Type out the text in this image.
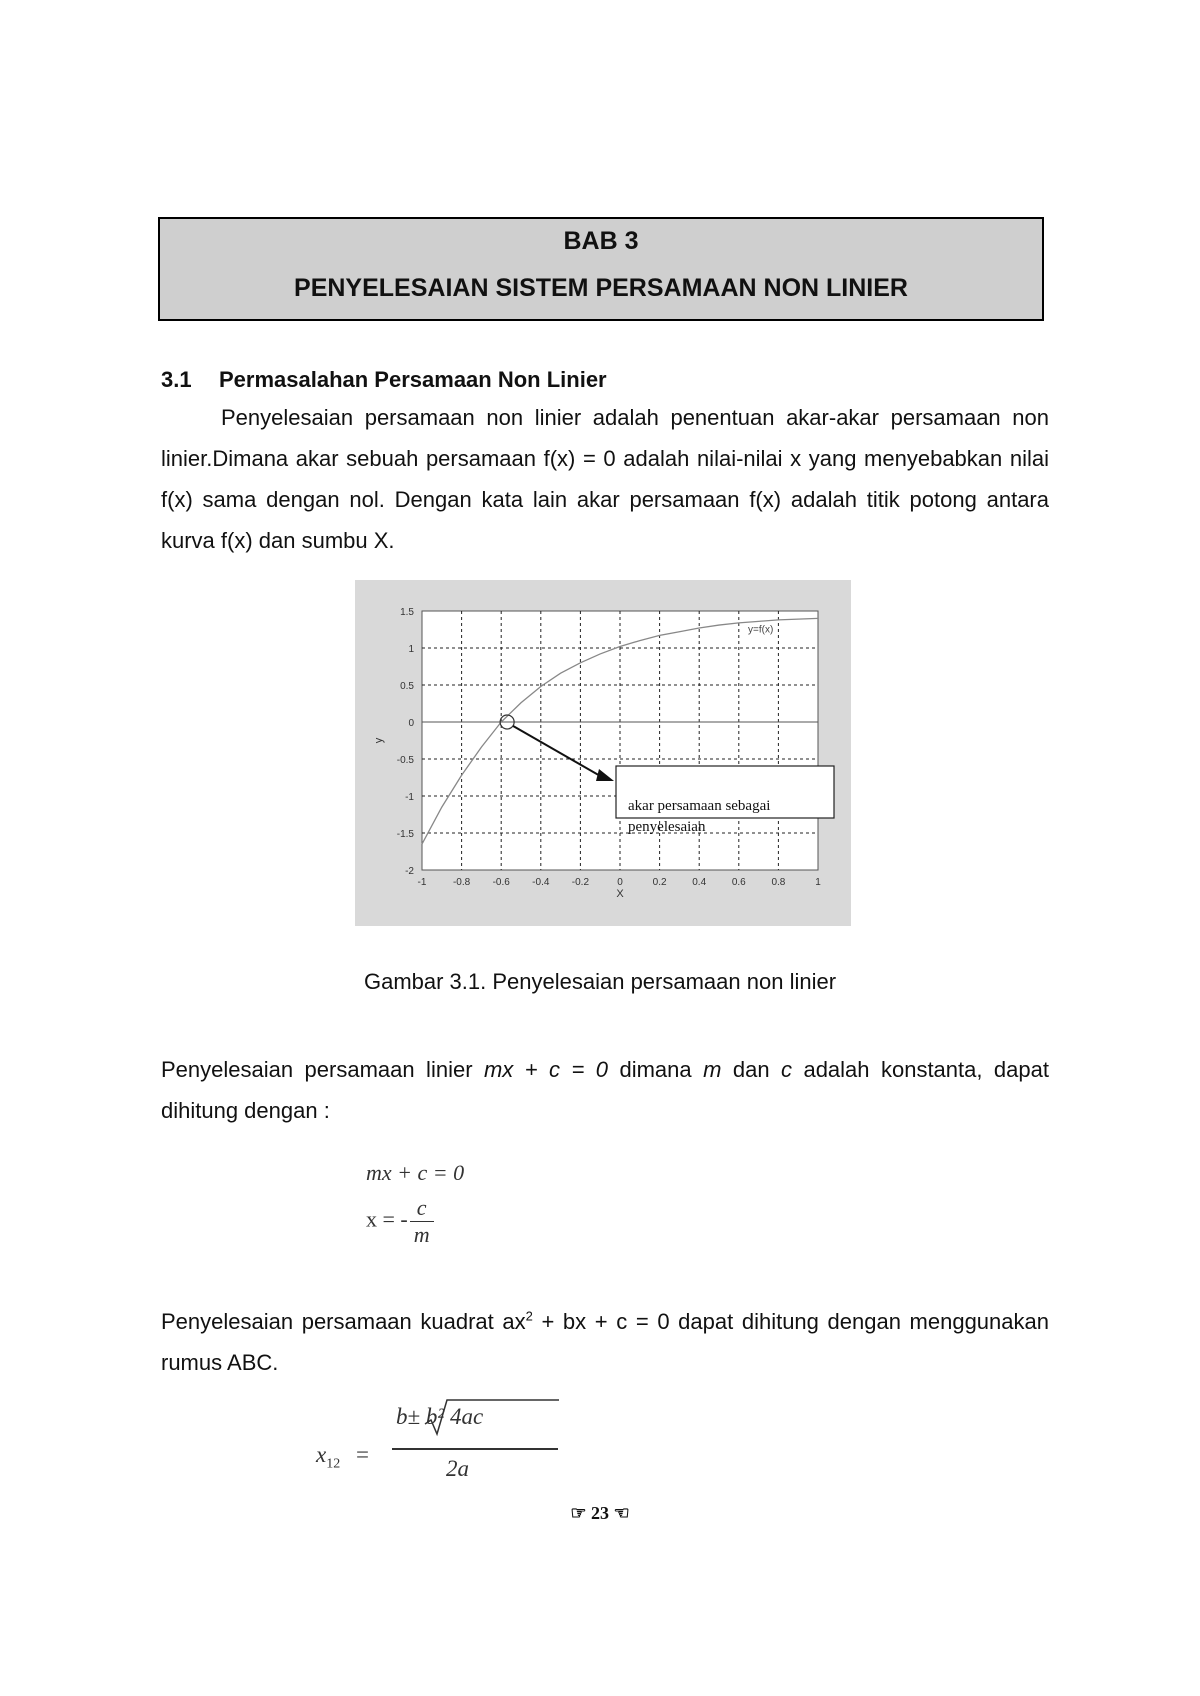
BAB 3
PENYELESAIAN SISTEM PERSAMAAN NON LINIER
3.1 Permasalahan Persamaan Non Linier

Penyelesaian persamaan non linier adalah penentuan akar-akar persamaan non linier.Dimana akar sebuah persamaan f(x) = 0 adalah nilai-nilai x yang menyebabkan nilai f(x) sama dengan nol. Dengan kata lain akar persamaan f(x) adalah titik potong antara kurva f(x) dan sumbu X.

-1	-0.8 -0.6 -0.4 -0.2	0	0.2	0.4	0.6	0.8	1
1.5
1
0.5
0
-0.5
-1
-1.5
-2
X
y
y=f(x)
akar persamaan sebagai
penyelesaian
Gambar 3.1. Penyelesaian persamaan non linier

Penyelesaian persamaan linier mx + c = 0 dimana m dan c adalah konstanta, dapat dihitung dengan :

mx + c = 0
x = - $\frac{c}{m}$

Penyelesaian persamaan kuadrat $ax^2$ + bx + c = 0 dapat dihitung dengan menggunakan rumus ABC.

$x_{12}$ =
b± b² 4ac
2a
☞ 23 ☜
